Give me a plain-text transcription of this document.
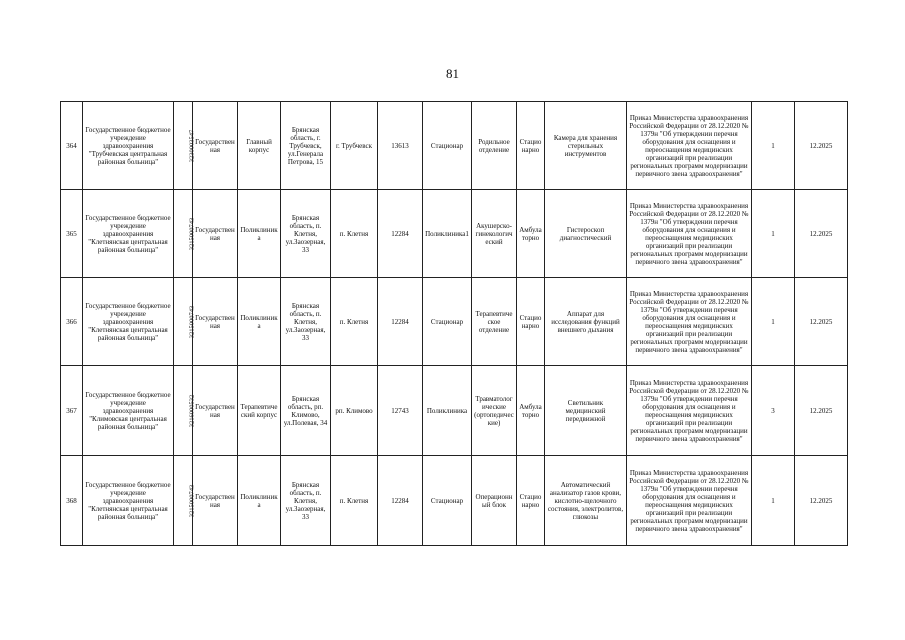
81
364	Государственное бюджетное учреждение здравоохранения "Трубчевская центральная районная больница"	3230003547	Государственная	Главный корпус	Брянская область, г. Трубчевск, ул.Генерала Петрова, 15	г. Трубчевск	13613	Стационар	Родильное отделение	Стационарно	Камера для хранения стерильных инструментов	Приказ Министерства здравоохранения Российской Федерации от 28.12.2020 № 1379н "Об утверждении перечня оборудования для оснащения и переоснащения медицинских организаций при реализации региональных программ модернизации первичного звена здравоохранения"	1	12.2025
365	Государственное бюджетное учреждение здравоохранения "Клетнянская центральная районная больница"	3215000743	Государственная	Поликлиника	Брянская область, п. Клетня, ул.Заозерная, 33	п. Клетня	12284	Поликлиника1	Акушерско-гинекологический	Амбулаторно	Гистероскоп диагностический	Приказ Министерства здравоохранения Российской Федерации от 28.12.2020 № 1379н "Об утверждении перечня оборудования для оснащения и переоснащения медицинских организаций при реализации региональных программ модернизации первичного звена здравоохранения"	1	12.2025
366	Государственное бюджетное учреждение здравоохранения "Клетнянская центральная районная больница"	3215000743	Государственная	Поликлиника	Брянская область, п. Клетня, ул.Заозерная, 33	п. Клетня	12284	Стационар	Терапевтическое отделение	Стационарно	Аппарат для исследования функций внешнего дыхания	Приказ Министерства здравоохранения Российской Федерации от 28.12.2020 № 1379н "Об утверждении перечня оборудования для оснащения и переоснащения медицинских организаций при реализации региональных программ модернизации первичного звена здравоохранения"	1	12.2025
367	Государственное бюджетное учреждение здравоохранения "Климовская центральная районная больница"	3216000532	Государственная	Терапевтический корпус	Брянская область, рп. Климово, ул.Полевая, 34	рп. Климово	12743	Поликлиника	Травматологические (ортопедические)	Амбулаторно	Светильник медицинский передвижной	Приказ Министерства здравоохранения Российской Федерации от 28.12.2020 № 1379н "Об утверждении перечня оборудования для оснащения и переоснащения медицинских организаций при реализации региональных программ модернизации первичного звена здравоохранения"	3	12.2025
368	Государственное бюджетное учреждение здравоохранения "Клетнянская центральная районная больница"	3215000743	Государственная	Поликлиника	Брянская область, п. Клетня, ул.Заозерная, 33	п. Клетня	12284	Стационар	Операционный блок	Стационарно	Автоматический анализатор газов крови, кислотно-щелочного состояния, электролитов, глюкозы	Приказ Министерства здравоохранения Российской Федерации от 28.12.2020 № 1379н "Об утверждении перечня оборудования для оснащения и переоснащения медицинских организаций при реализации региональных программ модернизации первичного звена здравоохранения"	1	12.2025
